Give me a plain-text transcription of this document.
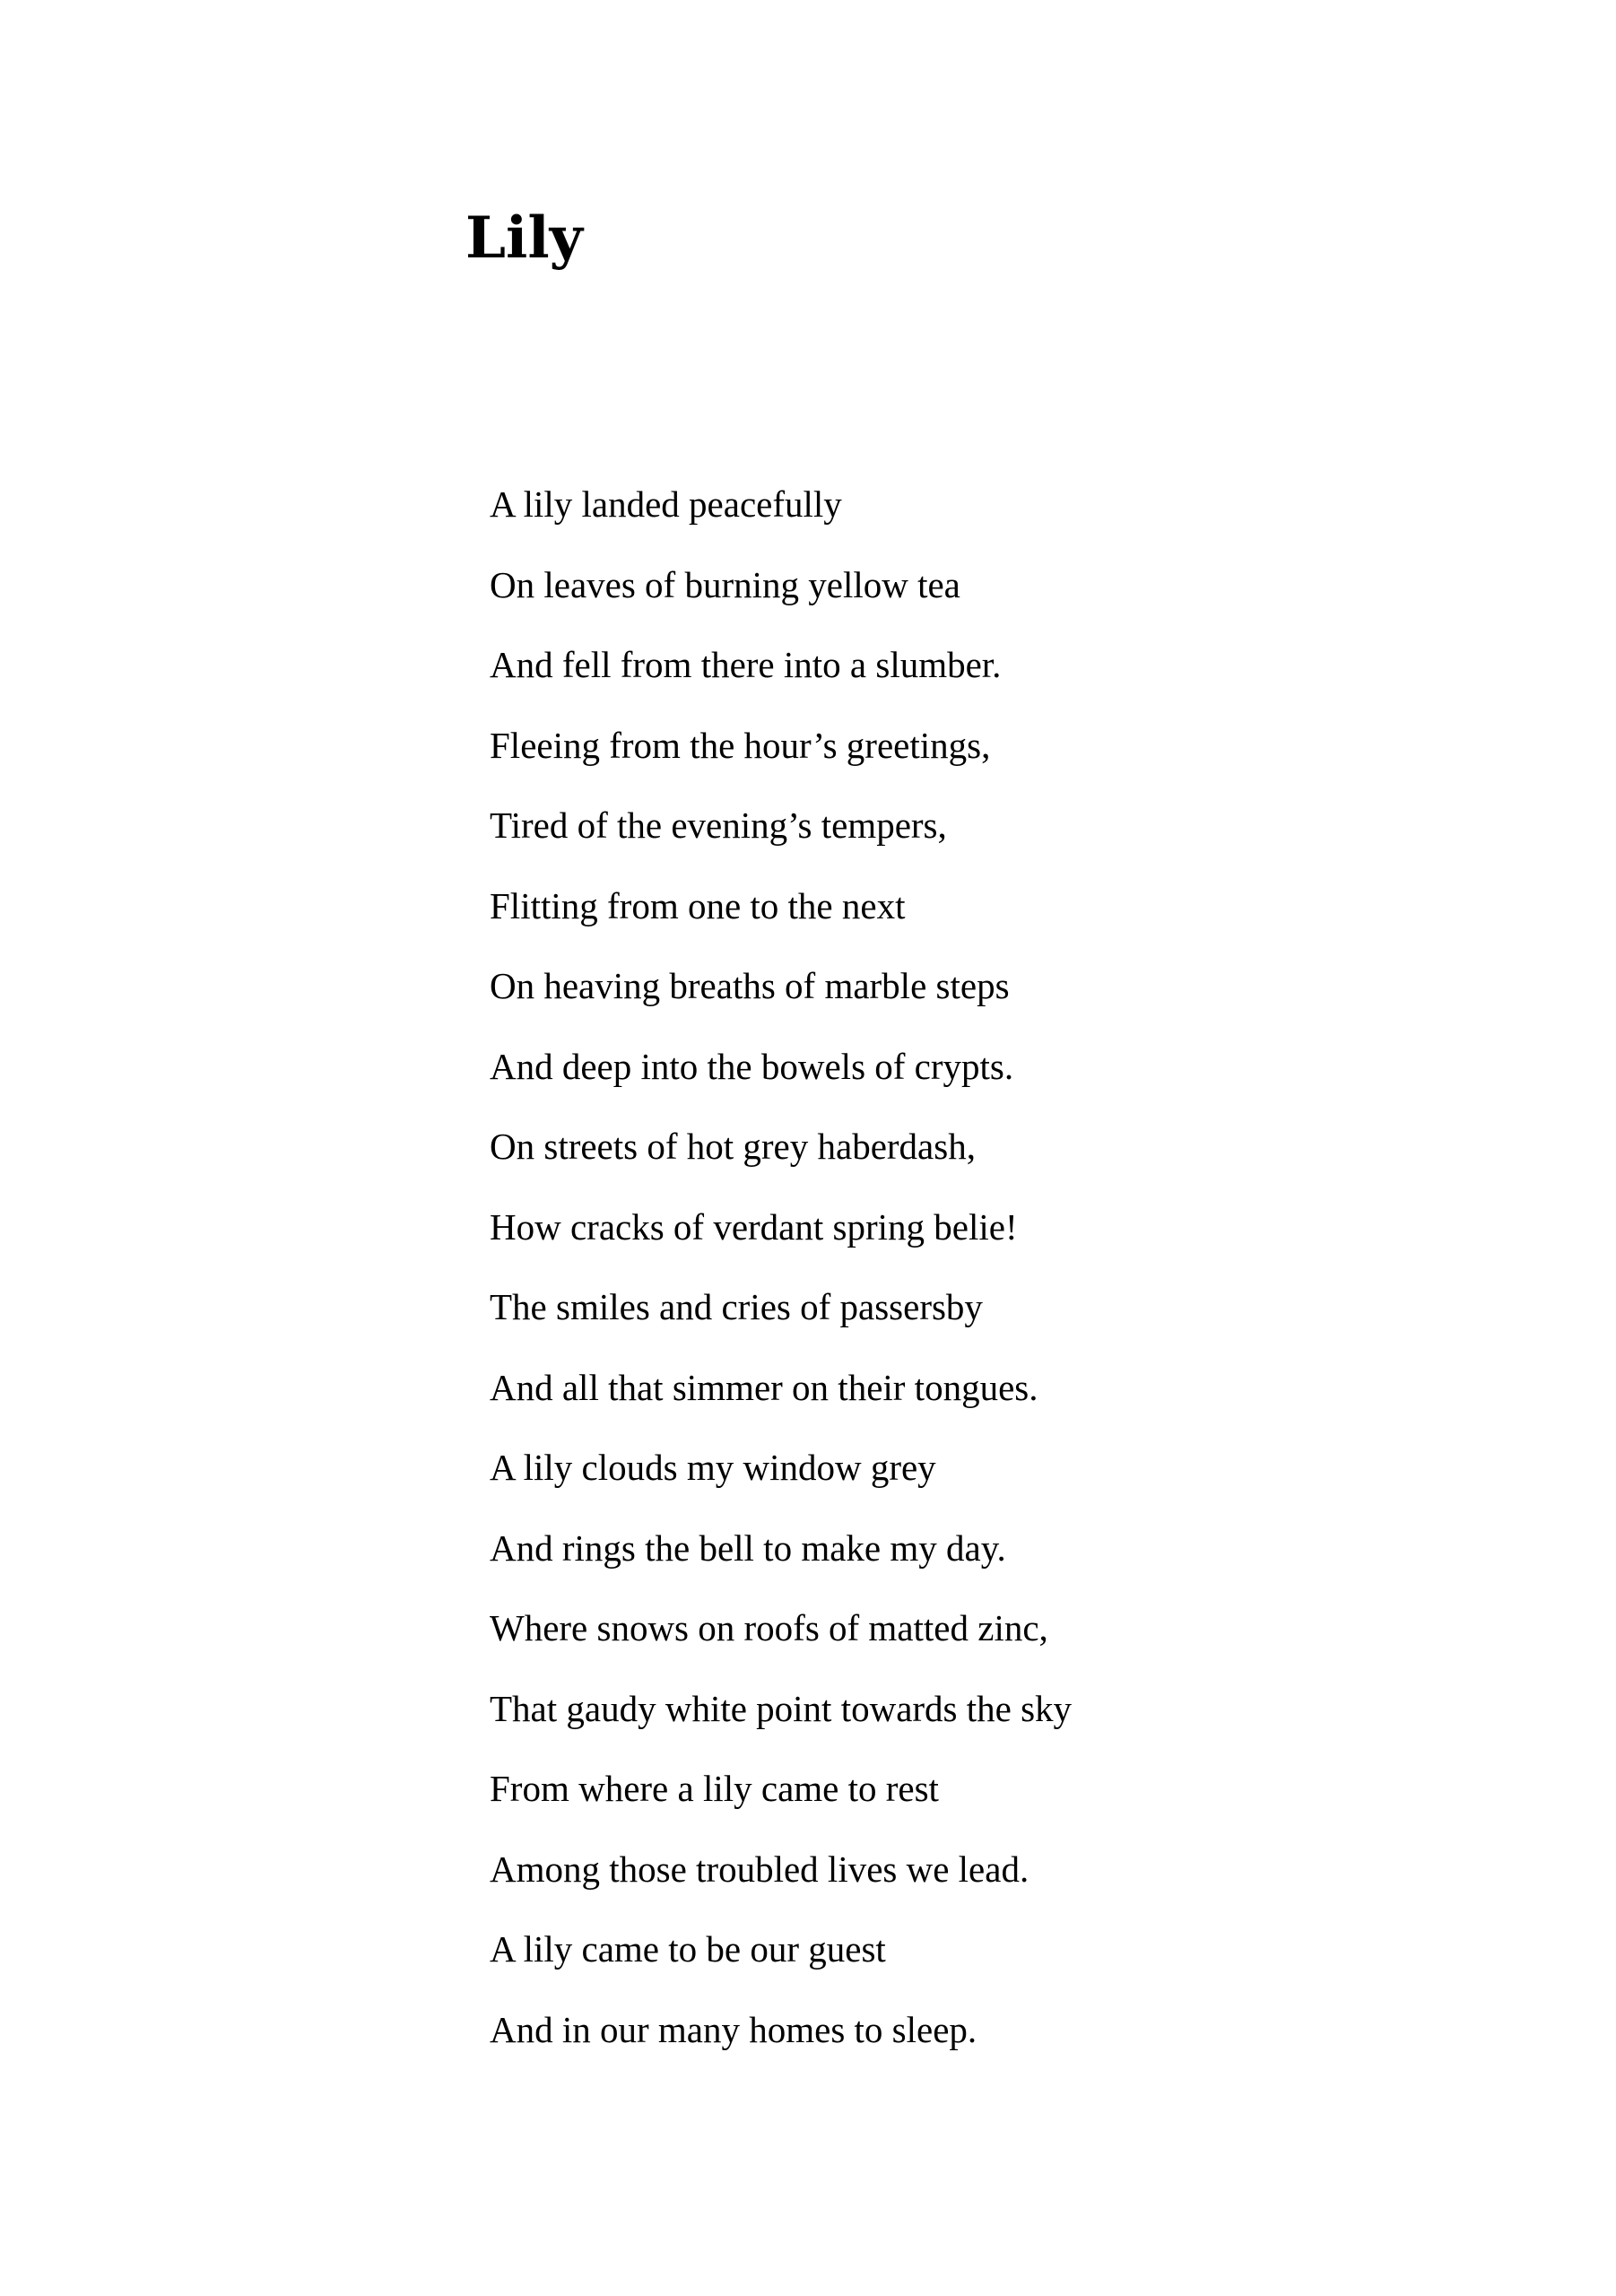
Lily
A lily landed peacefully
On leaves of burning yellow tea
And fell from there into a slumber.
Fleeing from the hour’s greetings,
Tired of the evening’s tempers,
Flitting from one to the next
On heaving breaths of marble steps
And deep into the bowels of crypts.
On streets of hot grey haberdash,
How cracks of verdant spring belie!
The smiles and cries of passersby
And all that simmer on their tongues.
A lily clouds my window grey
And rings the bell to make my day.
Where snows on roofs of matted zinc,
That gaudy white point towards the sky
From where a lily came to rest
Among those troubled lives we lead.
A lily came to be our guest
And in our many homes to sleep.
